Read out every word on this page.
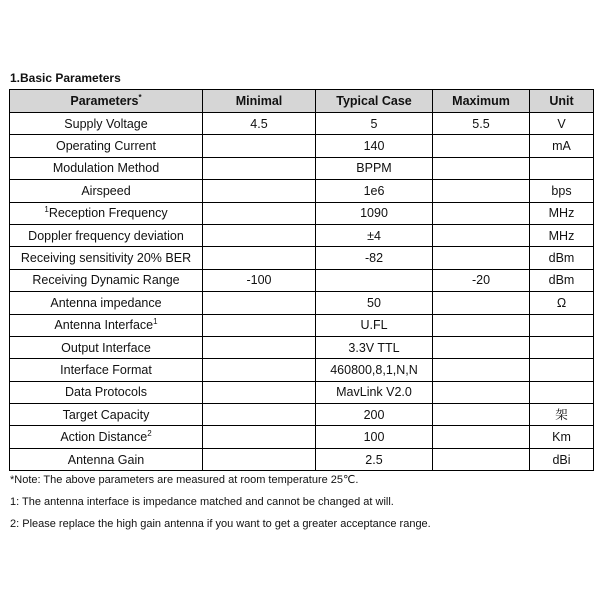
1.Basic Parameters
Parameters*	Minimal	Typical Case	Maximum	Unit
Supply Voltage	4.5	5	5.5	V
Operating Current		140		mA
Modulation Method		BPPM		
Airspeed		1e6		bps
$^1$Reception Frequency		1090		MHz
Doppler frequency deviation		±4		MHz
Receiving sensitivity 20% BER		-82		dBm
Receiving Dynamic Range	-100		-20	dBm
Antenna impedance		50		Ω
Antenna Interface$^1$		U.FL		
Output Interface		3.3V TTL		
Interface Format		460800,8,1,N,N		
Data Protocols		MavLink V2.0		
Target Capacity		200		架
Action Distance$^2$		100		Km
Antenna Gain		2.5		dBi

*Note: The above parameters are measured at room temperature 25℃.

1: The antenna interface is impedance matched and cannot be changed at will.

2: Please replace the high gain antenna if you want to get a greater acceptance range.
